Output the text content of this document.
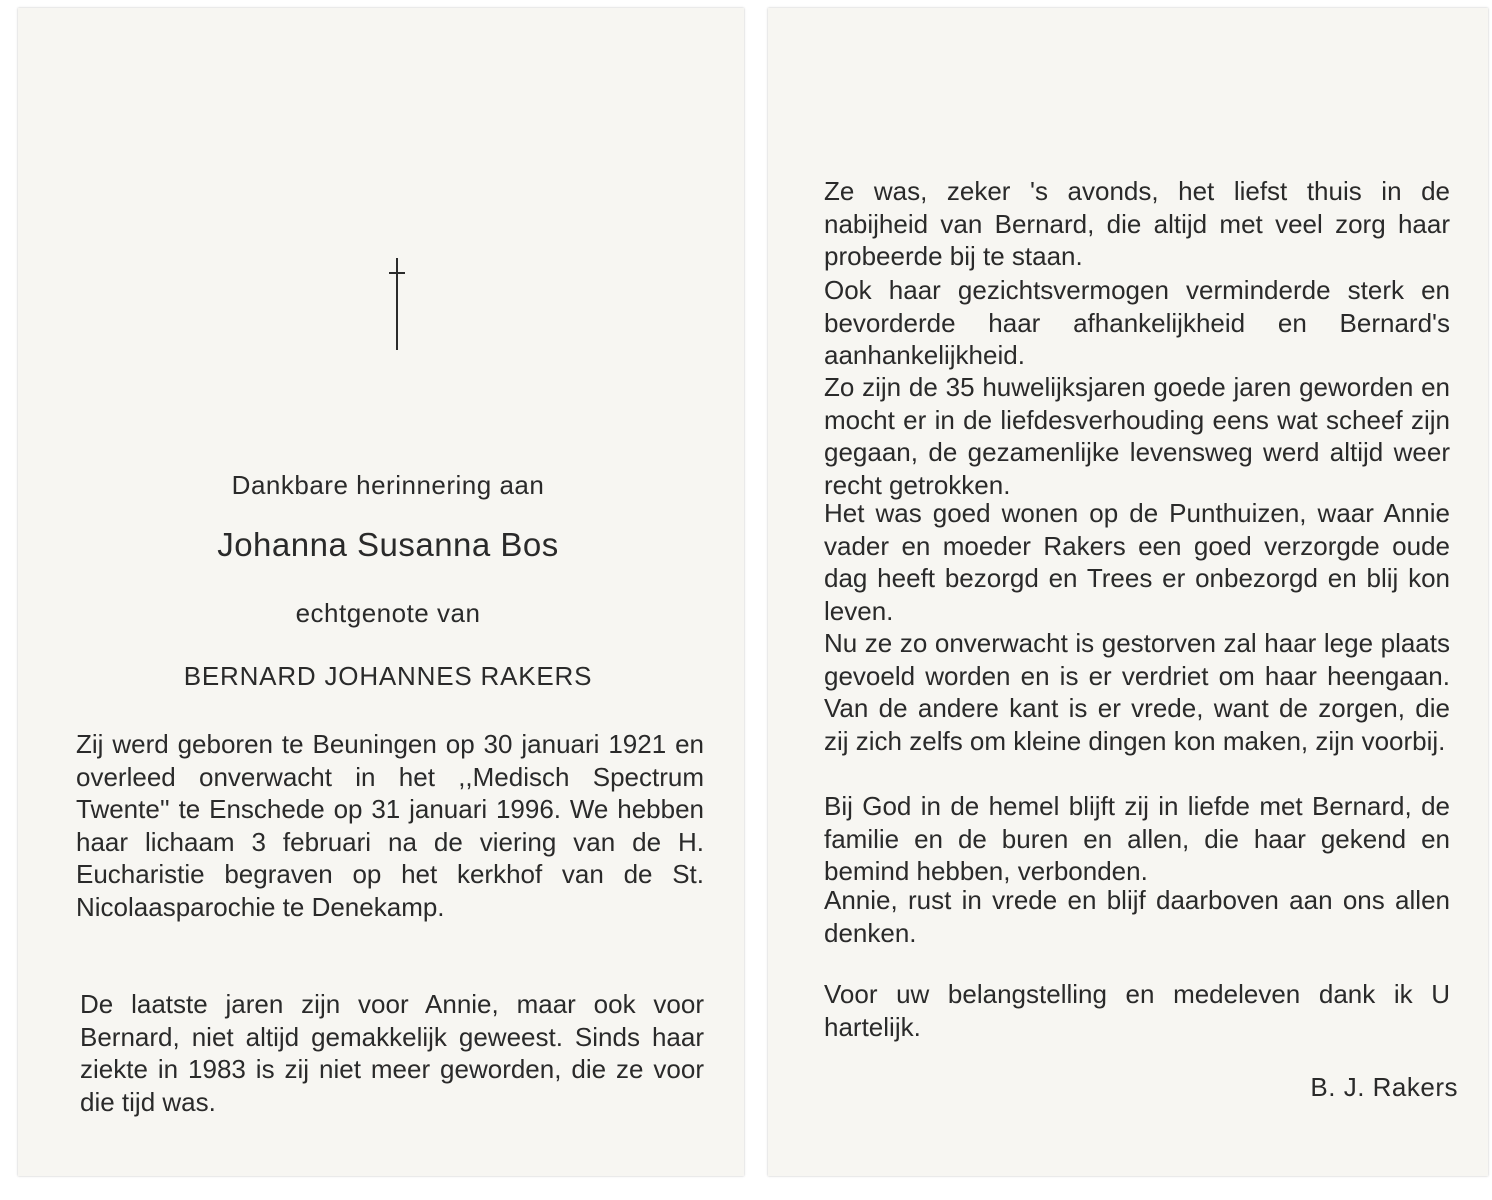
Dankbare herinnering aan
Johanna Susanna Bos
echtgenote van
BERNARD JOHANNES RAKERS
Zij werd geboren te Beuningen op 30 januari 1921 en overleed onverwacht in het ,,Medisch Spectrum Twente'' te Enschede op 31 januari 1996. We hebben haar lichaam 3 februari na de viering van de H. Eucharistie begraven op het kerkhof van de St. Nicolaasparochie te Denekamp.
De laatste jaren zijn voor Annie, maar ook voor Bernard, niet altijd gemakkelijk geweest. Sinds haar ziekte in 1983 is zij niet meer geworden, die ze voor die tijd was.
Ze was, zeker 's avonds, het liefst thuis in de nabijheid van Bernard, die altijd met veel zorg haar probeerde bij te staan.
Ook haar gezichtsvermogen verminderde sterk en bevorderde haar afhankelijkheid en Bernard's aanhankelijkheid.
Zo zijn de 35 huwelijksjaren goede jaren geworden en mocht er in de liefdesverhouding eens wat scheef zijn gegaan, de gezamenlijke levensweg werd altijd weer recht getrokken.
Het was goed wonen op de Punthuizen, waar Annie vader en moeder Rakers een goed verzorgde oude dag heeft bezorgd en Trees er onbezorgd en blij kon leven.
Nu ze zo onverwacht is gestorven zal haar lege plaats gevoeld worden en is er verdriet om haar heengaan. Van de andere kant is er vrede, want de zorgen, die zij zich zelfs om kleine dingen kon maken, zijn voorbij.
Bij God in de hemel blijft zij in liefde met Bernard, de familie en de buren en allen, die haar gekend en bemind hebben, verbonden.
Annie, rust in vrede en blijf daarboven aan ons allen denken.
Voor uw belangstelling en medeleven dank ik U hartelijk.
B. J. Rakers
